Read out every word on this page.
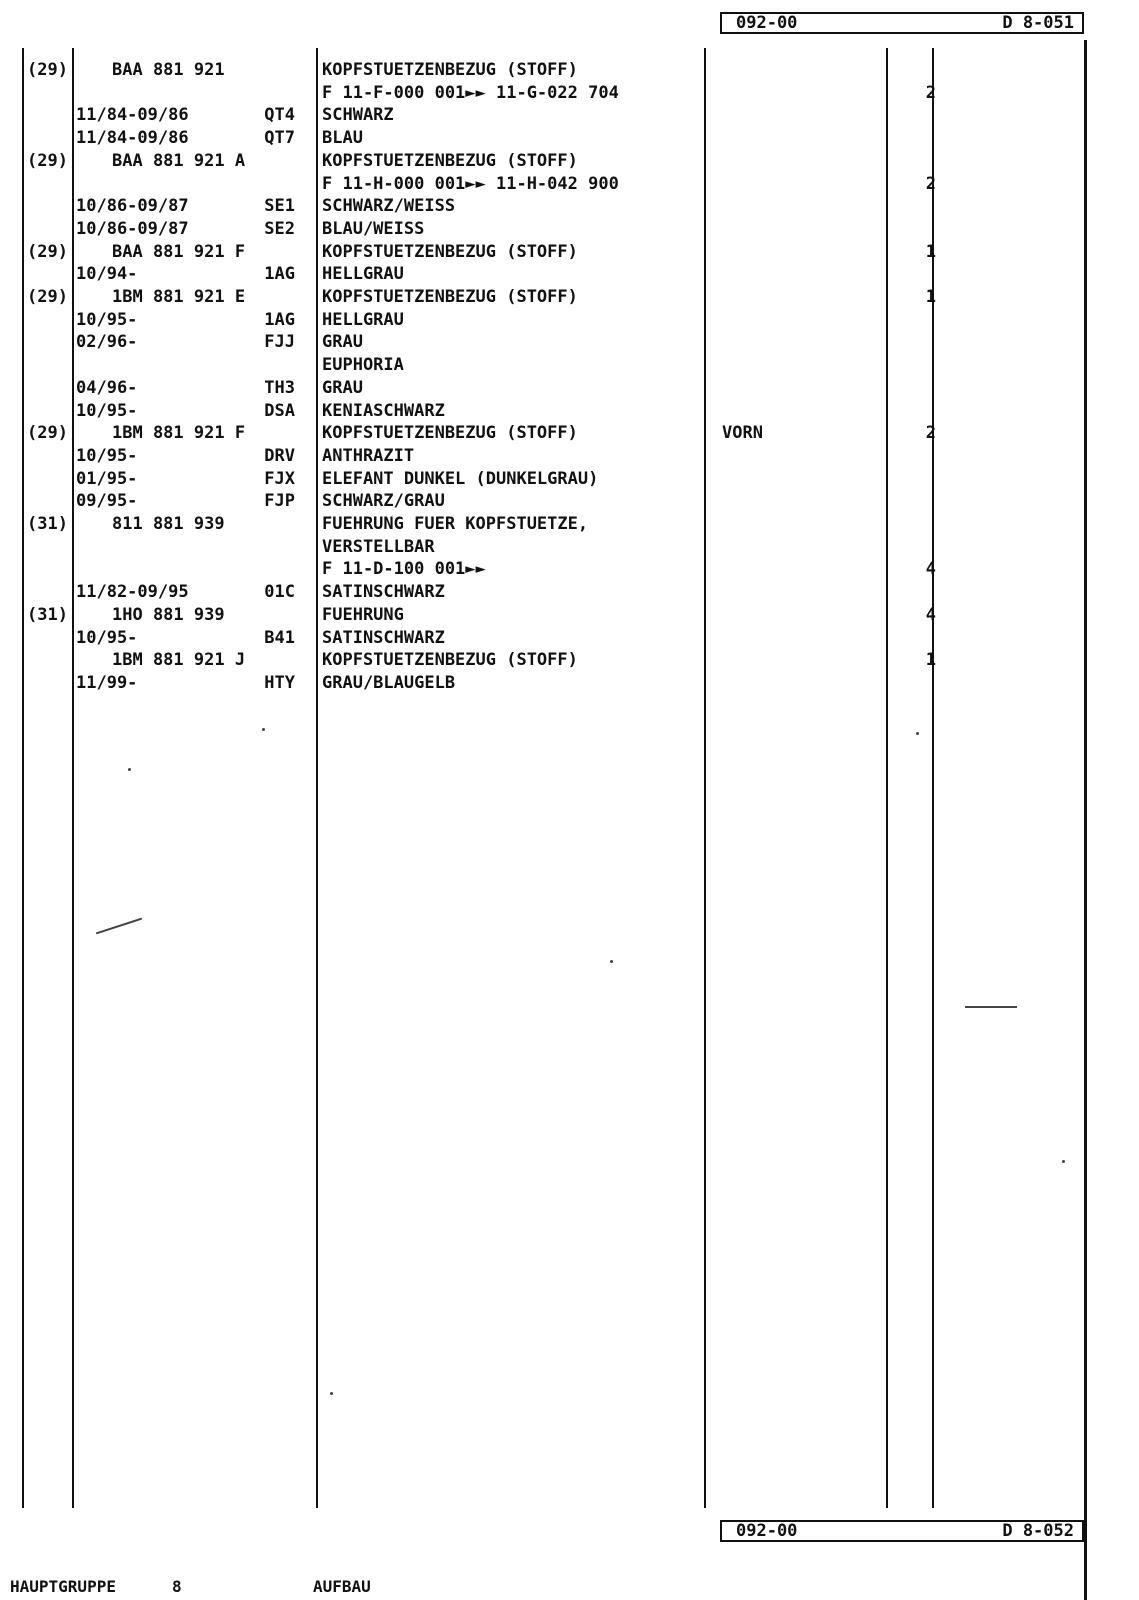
092-00	D 8-051
(29)	BAA 881 921	KOPFSTUETZENBEZUG (STOFF)
F 11-F-000 001►► 11-G-022 704	2
11/84-09/86	QT4 SCHWARZ
11/84-09/86	QT7 BLAU
(29)	BAA 881 921 A	KOPFSTUETZENBEZUG (STOFF)
F 11-H-000 001►► 11-H-042 900	2
10/86-09/87	SE1 SCHWARZ/WEISS
10/86-09/87	SE2 BLAU/WEISS
(29)	BAA 881 921 F	KOPFSTUETZENBEZUG (STOFF)	1
10/94-	1AG HELLGRAU
(29)	1BM 881 921 E	KOPFSTUETZENBEZUG (STOFF)	1
10/95-	1AG HELLGRAU
02/96-	FJJ GRAU
EUPHORIA
04/96-	TH3 GRAU
10/95-	DSA KENIASCHWARZ
(29)	1BM 881 921 F	KOPFSTUETZENBEZUG (STOFF)	VORN	2
10/95-	DRV ANTHRAZIT
01/95-	FJX ELEFANT DUNKEL (DUNKELGRAU)
09/95-	FJP SCHWARZ/GRAU
(31)	811 881 939	FUEHRUNG FUER KOPFSTUETZE,
VERSTELLBAR
F 11-D-100 001►►	4
11/82-09/95	01C SATINSCHWARZ
(31)	1HO 881 939	FUEHRUNG	4
10/95-	B41 SATINSCHWARZ
1BM 881 921 J	KOPFSTUETZENBEZUG (STOFF)	1
11/99-	HTY GRAU/BLAUGELB
092-00	D 8-052
HAUPTGRUPPE	8	AUFBAU
